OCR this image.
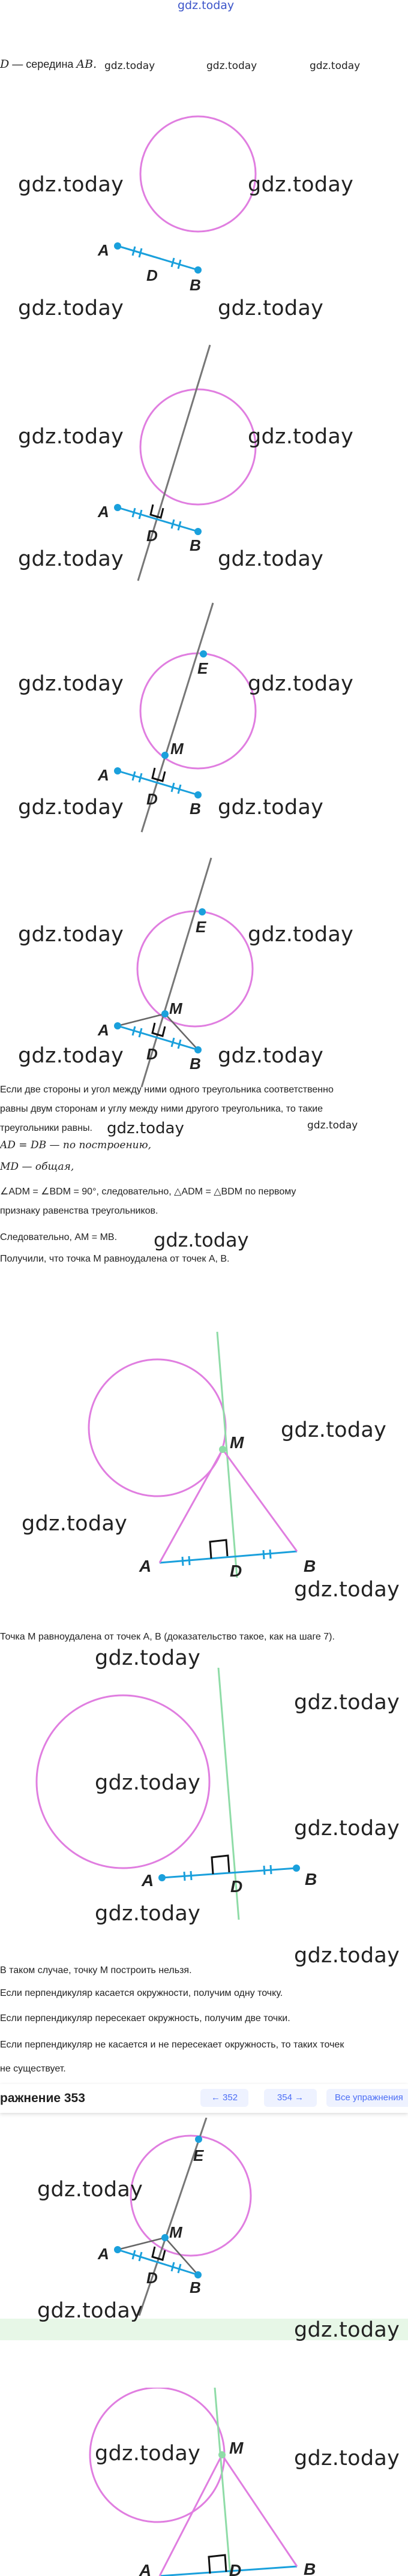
gdz.today
D — середина AB. gdz.today	gdz.today	gdz.today
A
D
B
gdz.today	gdz.today
gdz.today	gdz.today
A
D
B
gdz.today	gdz.today
gdz.today	gdz.today
E
M
A
D
B
gdz.today	gdz.today
gdz.today	gdz.today
E
M
A
D
B
gdz.today	gdz.today
gdz.today	gdz.today
Если две стороны и угол между ними одного треугольника соответственно
равны двум сторонам и углу между ними другого треугольника, то такие
треугольники равны. gdz.today	gdz.today
AD = DB — по построению,
MD — общая,
∠ADM = ∠BDM = 90°, следовательно, △ADM = △BDM по первому
признаку равенства треугольников.
Следовательно, AM = MB. gdz.today
Получили, что точка M равноудалена от точек A, B.
M
A	D	B
gdz.today
gdz.today
gdz.today
Точка M равноудалена от точек A, B (доказательство такое, как на шаге 7).
gdz.today
A	D	B
gdz.today
gdz.today
gdz.today
gdz.today
gdz.today
В таком случае, точку M построить нельзя.
Если перпендикуляр касается окружности, получим одну точку.
Если перпендикуляр пересекает окружность, получим две точки.
Если перпендикуляр не касается и не пересекает окружность, то таких точек
не существует.
ражнение 353	← 352	354 →	Все упражнения
E
M
A
D
B
gdz.today
gdz.today
gdz.today
M
A	D	B
gdz.today	gdz.today
